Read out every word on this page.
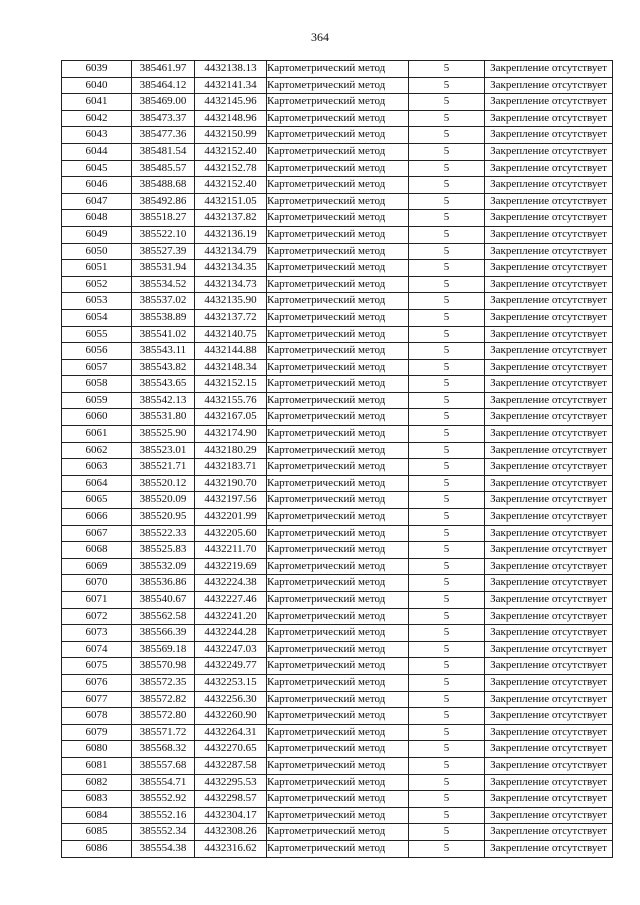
364
6039	385461.97	4432138.13	Картометрический метод	5	Закрепление отсутствует
6040	385464.12	4432141.34	Картометрический метод	5	Закрепление отсутствует
6041	385469.00	4432145.96	Картометрический метод	5	Закрепление отсутствует
6042	385473.37	4432148.96	Картометрический метод	5	Закрепление отсутствует
6043	385477.36	4432150.99	Картометрический метод	5	Закрепление отсутствует
6044	385481.54	4432152.40	Картометрический метод	5	Закрепление отсутствует
6045	385485.57	4432152.78	Картометрический метод	5	Закрепление отсутствует
6046	385488.68	4432152.40	Картометрический метод	5	Закрепление отсутствует
6047	385492.86	4432151.05	Картометрический метод	5	Закрепление отсутствует
6048	385518.27	4432137.82	Картометрический метод	5	Закрепление отсутствует
6049	385522.10	4432136.19	Картометрический метод	5	Закрепление отсутствует
6050	385527.39	4432134.79	Картометрический метод	5	Закрепление отсутствует
6051	385531.94	4432134.35	Картометрический метод	5	Закрепление отсутствует
6052	385534.52	4432134.73	Картометрический метод	5	Закрепление отсутствует
6053	385537.02	4432135.90	Картометрический метод	5	Закрепление отсутствует
6054	385538.89	4432137.72	Картометрический метод	5	Закрепление отсутствует
6055	385541.02	4432140.75	Картометрический метод	5	Закрепление отсутствует
6056	385543.11	4432144.88	Картометрический метод	5	Закрепление отсутствует
6057	385543.82	4432148.34	Картометрический метод	5	Закрепление отсутствует
6058	385543.65	4432152.15	Картометрический метод	5	Закрепление отсутствует
6059	385542.13	4432155.76	Картометрический метод	5	Закрепление отсутствует
6060	385531.80	4432167.05	Картометрический метод	5	Закрепление отсутствует
6061	385525.90	4432174.90	Картометрический метод	5	Закрепление отсутствует
6062	385523.01	4432180.29	Картометрический метод	5	Закрепление отсутствует
6063	385521.71	4432183.71	Картометрический метод	5	Закрепление отсутствует
6064	385520.12	4432190.70	Картометрический метод	5	Закрепление отсутствует
6065	385520.09	4432197.56	Картометрический метод	5	Закрепление отсутствует
6066	385520.95	4432201.99	Картометрический метод	5	Закрепление отсутствует
6067	385522.33	4432205.60	Картометрический метод	5	Закрепление отсутствует
6068	385525.83	4432211.70	Картометрический метод	5	Закрепление отсутствует
6069	385532.09	4432219.69	Картометрический метод	5	Закрепление отсутствует
6070	385536.86	4432224.38	Картометрический метод	5	Закрепление отсутствует
6071	385540.67	4432227.46	Картометрический метод	5	Закрепление отсутствует
6072	385562.58	4432241.20	Картометрический метод	5	Закрепление отсутствует
6073	385566.39	4432244.28	Картометрический метод	5	Закрепление отсутствует
6074	385569.18	4432247.03	Картометрический метод	5	Закрепление отсутствует
6075	385570.98	4432249.77	Картометрический метод	5	Закрепление отсутствует
6076	385572.35	4432253.15	Картометрический метод	5	Закрепление отсутствует
6077	385572.82	4432256.30	Картометрический метод	5	Закрепление отсутствует
6078	385572.80	4432260.90	Картометрический метод	5	Закрепление отсутствует
6079	385571.72	4432264.31	Картометрический метод	5	Закрепление отсутствует
6080	385568.32	4432270.65	Картометрический метод	5	Закрепление отсутствует
6081	385557.68	4432287.58	Картометрический метод	5	Закрепление отсутствует
6082	385554.71	4432295.53	Картометрический метод	5	Закрепление отсутствует
6083	385552.92	4432298.57	Картометрический метод	5	Закрепление отсутствует
6084	385552.16	4432304.17	Картометрический метод	5	Закрепление отсутствует
6085	385552.34	4432308.26	Картометрический метод	5	Закрепление отсутствует
6086	385554.38	4432316.62	Картометрический метод	5	Закрепление отсутствует
